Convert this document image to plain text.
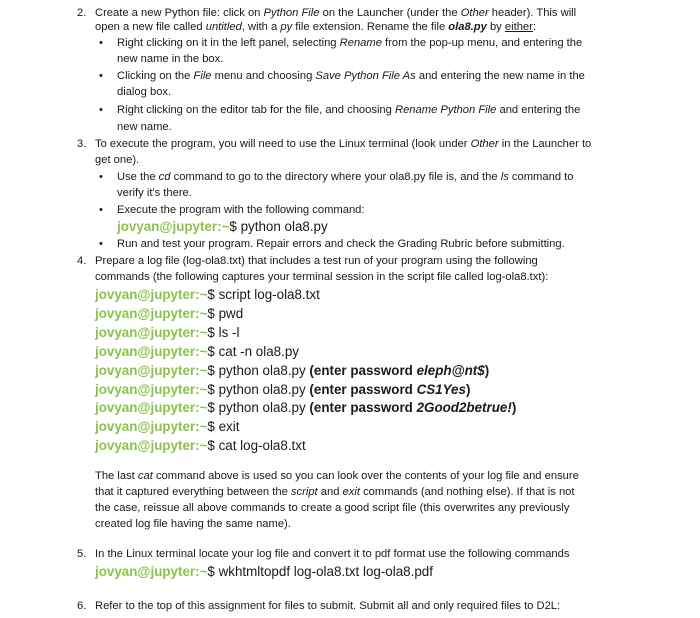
2. Create a new Python file: click on Python File on the Launcher (under the Other header). This will
open a new file called untitled, with a py file extension. Rename the file ola8.py by either:
• Right clicking on it in the left panel, selecting Rename from the pop-up menu, and entering the
new name in the box.
• Clicking on the File menu and choosing Save Python File As and entering the new name in the
dialog box.
• Right clicking on the editor tab for the file, and choosing Rename Python File and entering the
new name.
3. To execute the program, you will need to use the Linux terminal (look under Other in the Launcher to
get one).
• Use the cd command to go to the directory where your ola8.py file is, and the ls command to
verify it's there.
• Execute the program with the following command:
jovyan@jupyter:~$ python ola8.py
• Run and test your program. Repair errors and check the Grading Rubric before submitting.
4. Prepare a log file (log-ola8.txt) that includes a test run of your program using the following
commands (the following captures your terminal session in the script file called log-ola8.txt):
jovyan@jupyter:~$ script log-ola8.txt
jovyan@jupyter:~$ pwd
jovyan@jupyter:~$ ls -l
jovyan@jupyter:~$ cat -n ola8.py
jovyan@jupyter:~$ python ola8.py (enter password eleph@nt$)
jovyan@jupyter:~$ python ola8.py (enter password CS1Yes)
jovyan@jupyter:~$ python ola8.py (enter password 2Good2betrue!)
jovyan@jupyter:~$ exit
jovyan@jupyter:~$ cat log-ola8.txt
The last cat command above is used so you can look over the contents of your log file and ensure
that it captured everything between the script and exit commands (and nothing else). If that is not
the case, reissue all above commands to create a good script file (this overwrites any previously
created log file having the same name).
5. In the Linux terminal locate your log file and convert it to pdf format use the following commands
jovyan@jupyter:~$ wkhtmltopdf log-ola8.txt log-ola8.pdf
6. Refer to the top of this assignment for files to submit. Submit all and only required files to D2L:
